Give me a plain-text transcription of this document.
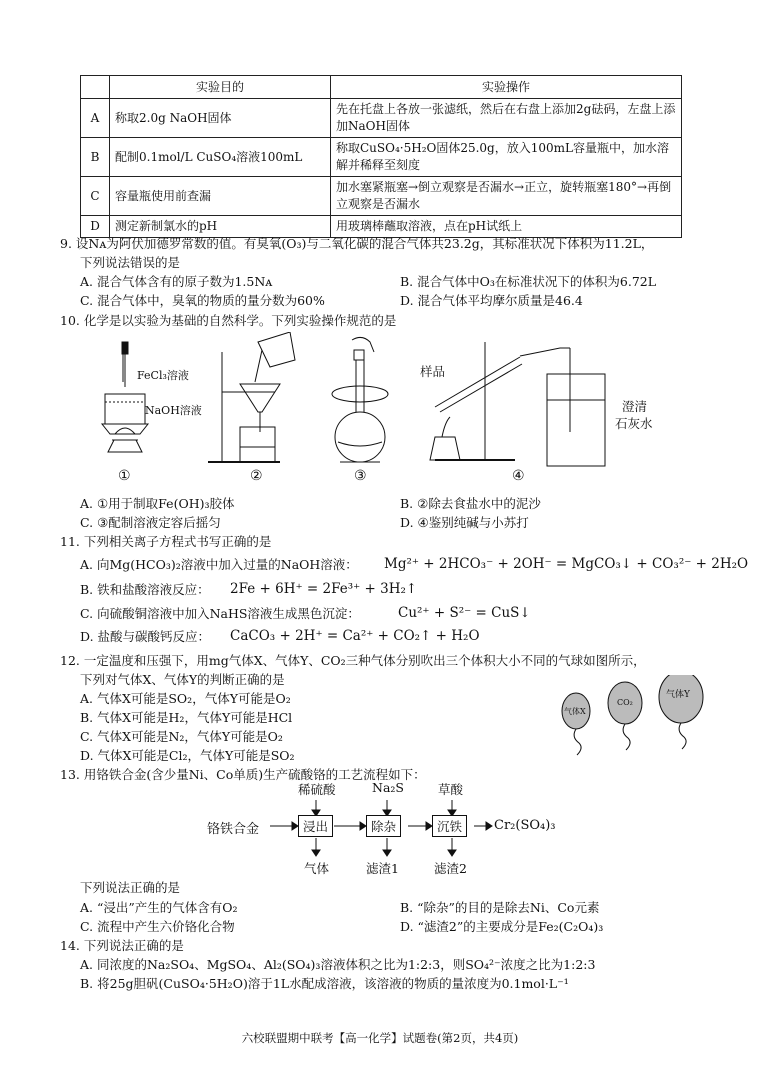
	实验目的	实验操作
A	称取2.0g NaOH固体	先在托盘上各放一张滤纸，然后在右盘上添加2g砝码，左盘上添加NaOH固体
B	配制0.1mol/L CuSO₄溶液100mL	称取CuSO₄·5H₂O固体25.0g，放入100mL容量瓶中，加水溶解并稀释至刻度
C	容量瓶使用前查漏	加水塞紧瓶塞→倒立观察是否漏水→正立，旋转瓶塞180°→再倒立观察是否漏水
D	测定新制氯水的pH	用玻璃棒蘸取溶液，点在pH试纸上
9. 设Nᴀ为阿伏加德罗常数的值。有臭氧(O₃)与二氧化碳的混合气体共23.2g，其标准状况下体积为11.2L，
下列说法错误的是
A. 混合气体含有的原子数为1.5Nᴀ	B. 混合气体中O₃在标准状况下的体积为6.72L
C. 混合气体中，臭氧的物质的量分数为60%	D. 混合气体平均摩尔质量是46.4
10. 化学是以实验为基础的自然科学。下列实验操作规范的是
FeCl₃溶液
NaOH溶液
样品
澄清
石灰水
①	②	③	④
A. ①用于制取Fe(OH)₃胶体	B. ②除去食盐水中的泥沙
C. ③配制溶液定容后摇匀	D. ④鉴别纯碱与小苏打
11. 下列相关离子方程式书写正确的是
A. 向Mg(HCO₃)₂溶液中加入过量的NaOH溶液： Mg²⁺ + 2HCO₃⁻ + 2OH⁻ = MgCO₃↓ + CO₃²⁻ + 2H₂O
B. 铁和盐酸溶液反应： 2Fe + 6H⁺ = 2Fe³⁺ + 3H₂↑
C. 向硫酸铜溶液中加入NaHS溶液生成黑色沉淀：	Cu²⁺ + S²⁻ = CuS↓
D. 盐酸与碳酸钙反应： CaCO₃ + 2H⁺ = Ca²⁺ + CO₂↑ + H₂O
12. 一定温度和压强下，用mg气体X、气体Y、CO₂三种气体分别吹出三个体积大小不同的气球如图所示，
下列对气体X、气体Y的判断正确的是
A. 气体X可能是SO₂，气体Y可能是O₂
B. 气体X可能是H₂，气体Y可能是HCl
C. 气体X可能是N₂，气体Y可能是O₂
D. 气体X可能是Cl₂，气体Y可能是SO₂
气体X
CO₂
气体Y
13. 用铬铁合金(含少量Ni、Co单质)生产硫酸铬的工艺流程如下：
铬铁合金	浸出	除杂	沉铁	Cr₂(SO₄)₃
稀硫酸	Na₂S	草酸
气体	滤渣1	滤渣2
下列说法正确的是
A. “浸出”产生的气体含有O₂	B. “除杂”的目的是除去Ni、Co元素
C. 流程中产生六价铬化合物	D. “滤渣2”的主要成分是Fe₂(C₂O₄)₃
14. 下列说法正确的是
A. 同浓度的Na₂SO₄、MgSO₄、Al₂(SO₄)₃溶液体积之比为1:2:3，则SO₄²⁻浓度之比为1:2:3
B. 将25g胆矾(CuSO₄·5H₂O)溶于1L水配成溶液，该溶液的物质的量浓度为0.1mol·L⁻¹
六校联盟期中联考【高一化学】试题卷(第2页，共4页)
